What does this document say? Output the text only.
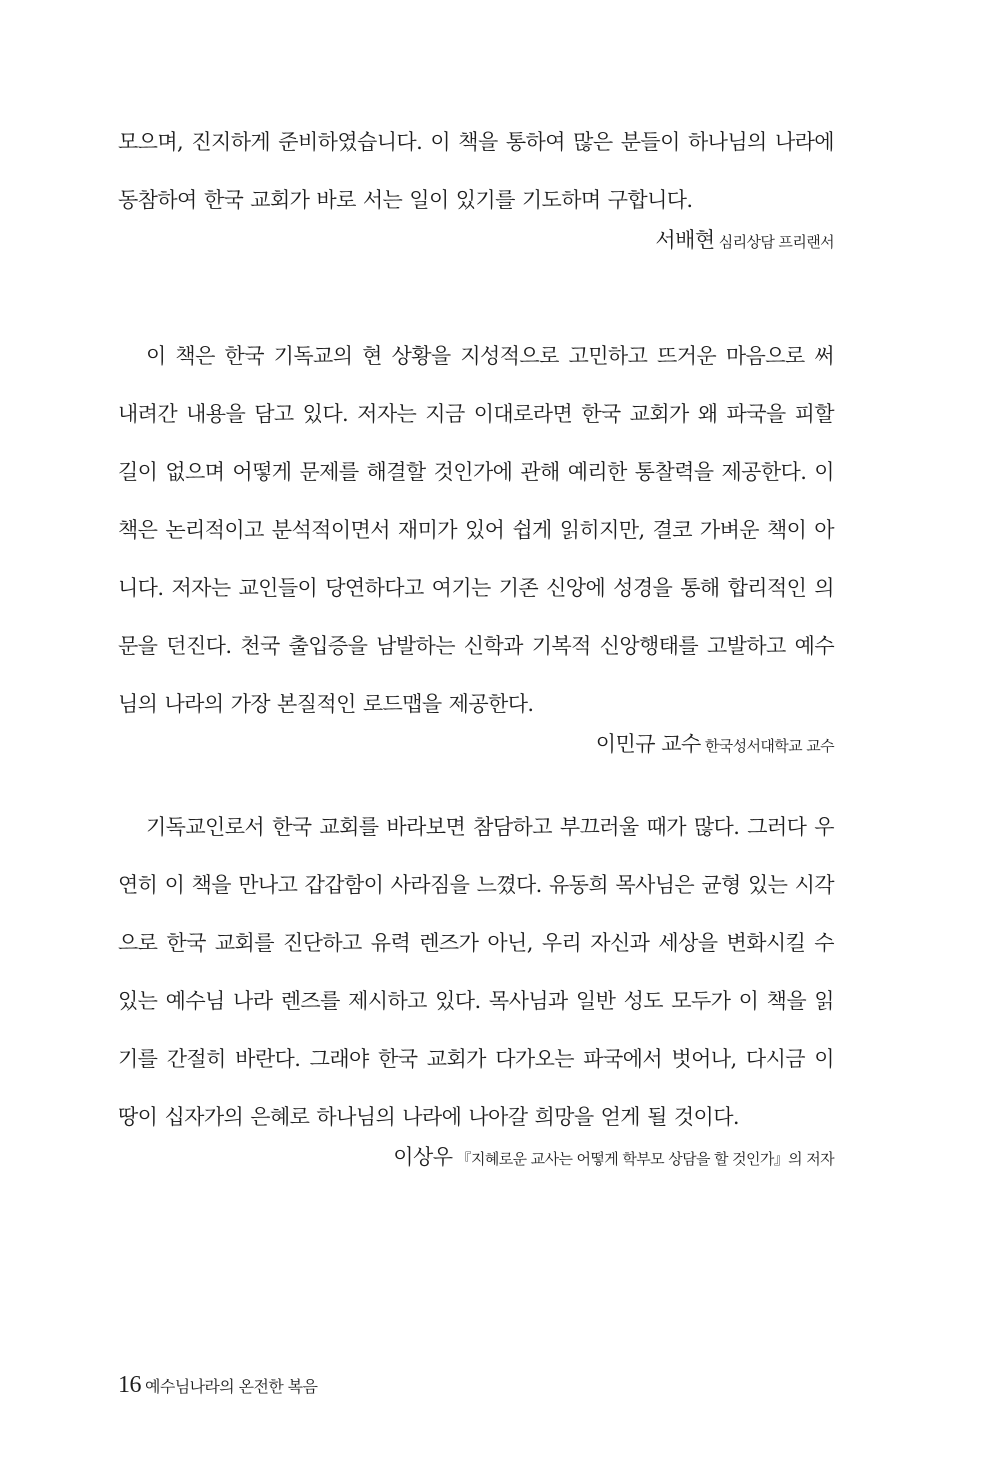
모으며, 진지하게 준비하였습니다. 이 책을 통하여 많은 분들이 하나님의 나라에 동참하여 한국 교회가 바로 서는 일이 있기를 기도하며 구합니다.

서배현 심리상담 프리랜서

이 책은 한국 기독교의 현 상황을 지성적으로 고민하고 뜨거운 마음으로 써 내려간 내용을 담고 있다. 저자는 지금 이대로라면 한국 교회가 왜 파국을 피할 길이 없으며 어떻게 문제를 해결할 것인가에 관해 예리한 통찰력을 제공한다. 이 책은 논리적이고 분석적이면서 재미가 있어 쉽게 읽히지만, 결코 가벼운 책이 아니다. 저자는 교인들이 당연하다고 여기는 기존 신앙에 성경을 통해 합리적인 의문을 던진다. 천국 출입증을 남발하는 신학과 기복적 신앙행태를 고발하고 예수님의 나라의 가장 본질적인 로드맵을 제공한다.

이민규 교수 한국성서대학교 교수

기독교인로서 한국 교회를 바라보면 참담하고 부끄러울 때가 많다. 그러다 우연히 이 책을 만나고 갑갑함이 사라짐을 느꼈다. 유동희 목사님은 균형 있는 시각으로 한국 교회를 진단하고 유력 렌즈가 아닌, 우리 자신과 세상을 변화시킬 수 있는 예수님 나라 렌즈를 제시하고 있다. 목사님과 일반 성도 모두가 이 책을 읽기를 간절히 바란다. 그래야 한국 교회가 다가오는 파국에서 벗어나, 다시금 이 땅이 십자가의 은혜로 하나님의 나라에 나아갈 희망을 얻게 될 것이다.

이상우 『지혜로운 교사는 어떻게 학부모 상담을 할 것인가』의 저자
16 예수님나라의 온전한 복음
